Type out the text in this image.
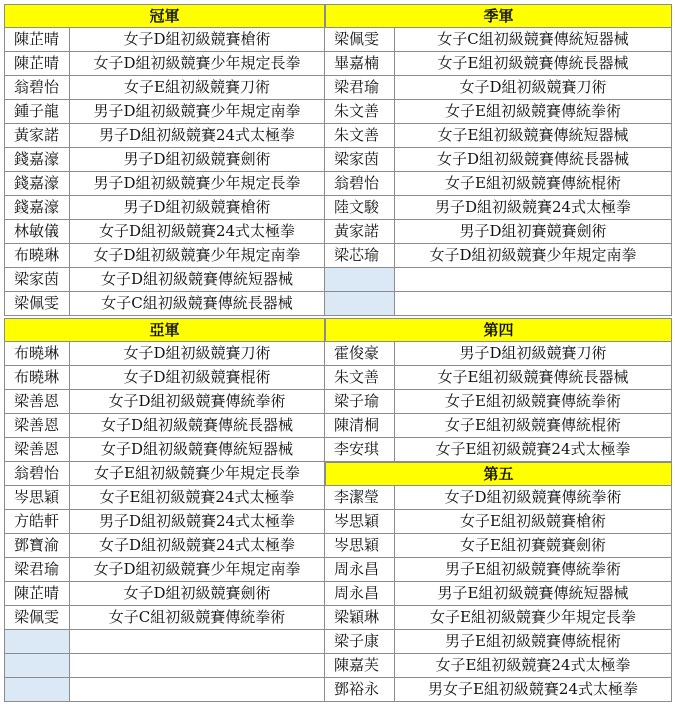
冠軍
陳芷晴	女子D組初級競賽槍術
陳芷晴	女子D組初級競賽少年規定長拳
翁碧怡	女子E組初級競賽刀術
鍾子龍	男子D組初級競賽少年規定南拳
黃家諾	男子D組初級競賽24式太極拳
錢嘉濠	男子D組初級競賽劍術
錢嘉濠	男子D組初級競賽少年規定長拳
錢嘉濠	男子D組初級競賽槍術
林敏儀	女子D組初級競賽24式太極拳
布曉琳	女子D組初級競賽少年規定南拳
梁家茵	女子D組初級競賽傳統短器械
梁佩雯	女子C組初級競賽傳統長器械
亞軍
布曉琳	女子D組初級競賽刀術
布曉琳	女子D組初級競賽棍術
梁善恩	女子D組初級競賽傳統拳術
梁善恩	女子D組初級競賽傳統長器械
梁善恩	女子D組初級競賽傳統短器械
翁碧怡	女子E組初級競賽少年規定長拳
岑思穎	女子E組初級競賽24式太極拳
方皓軒	男子D組初級競賽24式太極拳
鄧寶渝	女子D組初級競賽24式太極拳
梁君瑜	女子D組初級競賽少年規定南拳
陳芷晴	女子D組初級競賽劍術
梁佩雯	女子C組初級競賽傳統拳術
季軍
梁佩雯	女子C組初級競賽傳統短器械
畢嘉楠	女子E組初級競賽傳統長器械
梁君瑜	女子D組初級競賽刀術
朱文善	女子E組初級競賽傳統拳術
朱文善	女子E組初級競賽傳統短器械
梁家茵	女子D組初級競賽傳統長器械
翁碧怡	女子E組初級競賽傳統棍術
陸文駿	男子D組初級競賽24式太極拳
黃家諾	男子D組初賽競賽劍術
梁芯瑜	女子D組初級競賽少年規定南拳
第四
霍俊豪	男子D組初級競賽刀術
朱文善	女子E組初級競賽傳統長器械
梁子瑜	女子E組初級競賽傳統拳術
陳清桐	女子E組初級競賽傳統棍術
李安琪	女子E組初級競賽24式太極拳
第五
李潔瑩	女子D組初級競賽傳統拳術
岑思穎	女子E組初級競賽槍術
岑思穎	女子E組初賽競賽劍術
周永昌	男子E組初級競賽傳統拳術
周永昌	男子E組初級競賽傳統短器械
梁穎琳	女子E組初級競賽少年規定長拳
梁子康	男子E組初級競賽傳統棍術
陳嘉芙	女子E組初級競賽24式太極拳
鄧裕永	男女子E組初級競賽24式太極拳
